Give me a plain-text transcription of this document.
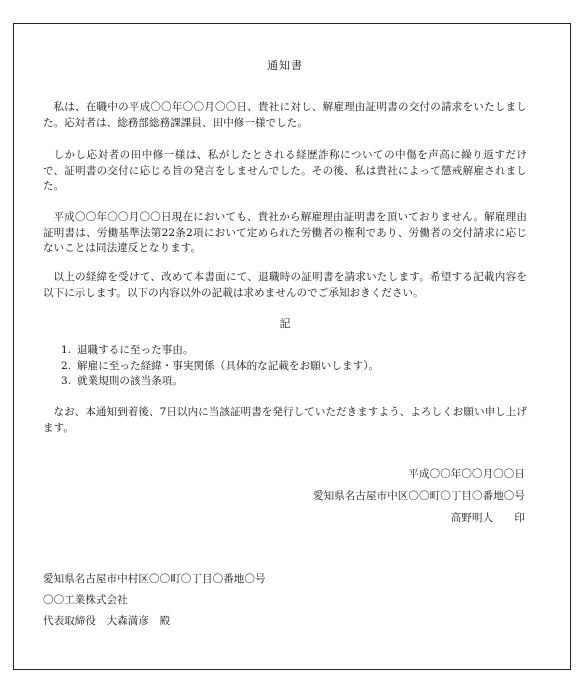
通知書

私は、在職中の平成〇〇年〇〇月〇〇日、貴社に対し、解雇理由証明書の交付の請求をいたしました。応対者は、総務部総務課課員、田中修一様でした。

しかし応対者の田中修一様は、私がしたとされる経歴詐称についての中傷を声高に繰り返すだけで、証明書の交付に応じる旨の発言をしませんでした。その後、私は貴社によって懲戒解雇されました。

平成〇〇年〇〇月〇〇日現在においても、貴社から解雇理由証明書を頂いておりません。解雇理由証明書は、労働基準法第22条2項において定められた労働者の権利であり、労働者の交付請求に応じないことは同法違反となります。

以上の経緯を受けて、改めて本書面にて、退職時の証明書を請求いたします。希望する記載内容を以下に示します。以下の内容以外の記載は求めませんのでご承知おきください。

記
1. 退職するに至った事由。
2. 解雇に至った経緯・事実関係（具体的な記載をお願いします）。
3. 就業規則の該当条項。

なお、本通知到着後、7日以内に当該証明書を発行していただきますよう、よろしくお願い申し上げます。

平成〇〇年〇〇月〇〇日
愛知県名古屋市中区〇〇町〇丁目〇番地〇号
高野明人　　印
愛知県名古屋市中村区〇〇町〇丁目〇番地〇号
〇〇工業株式会社
代表取締役　大森満彦　殿
